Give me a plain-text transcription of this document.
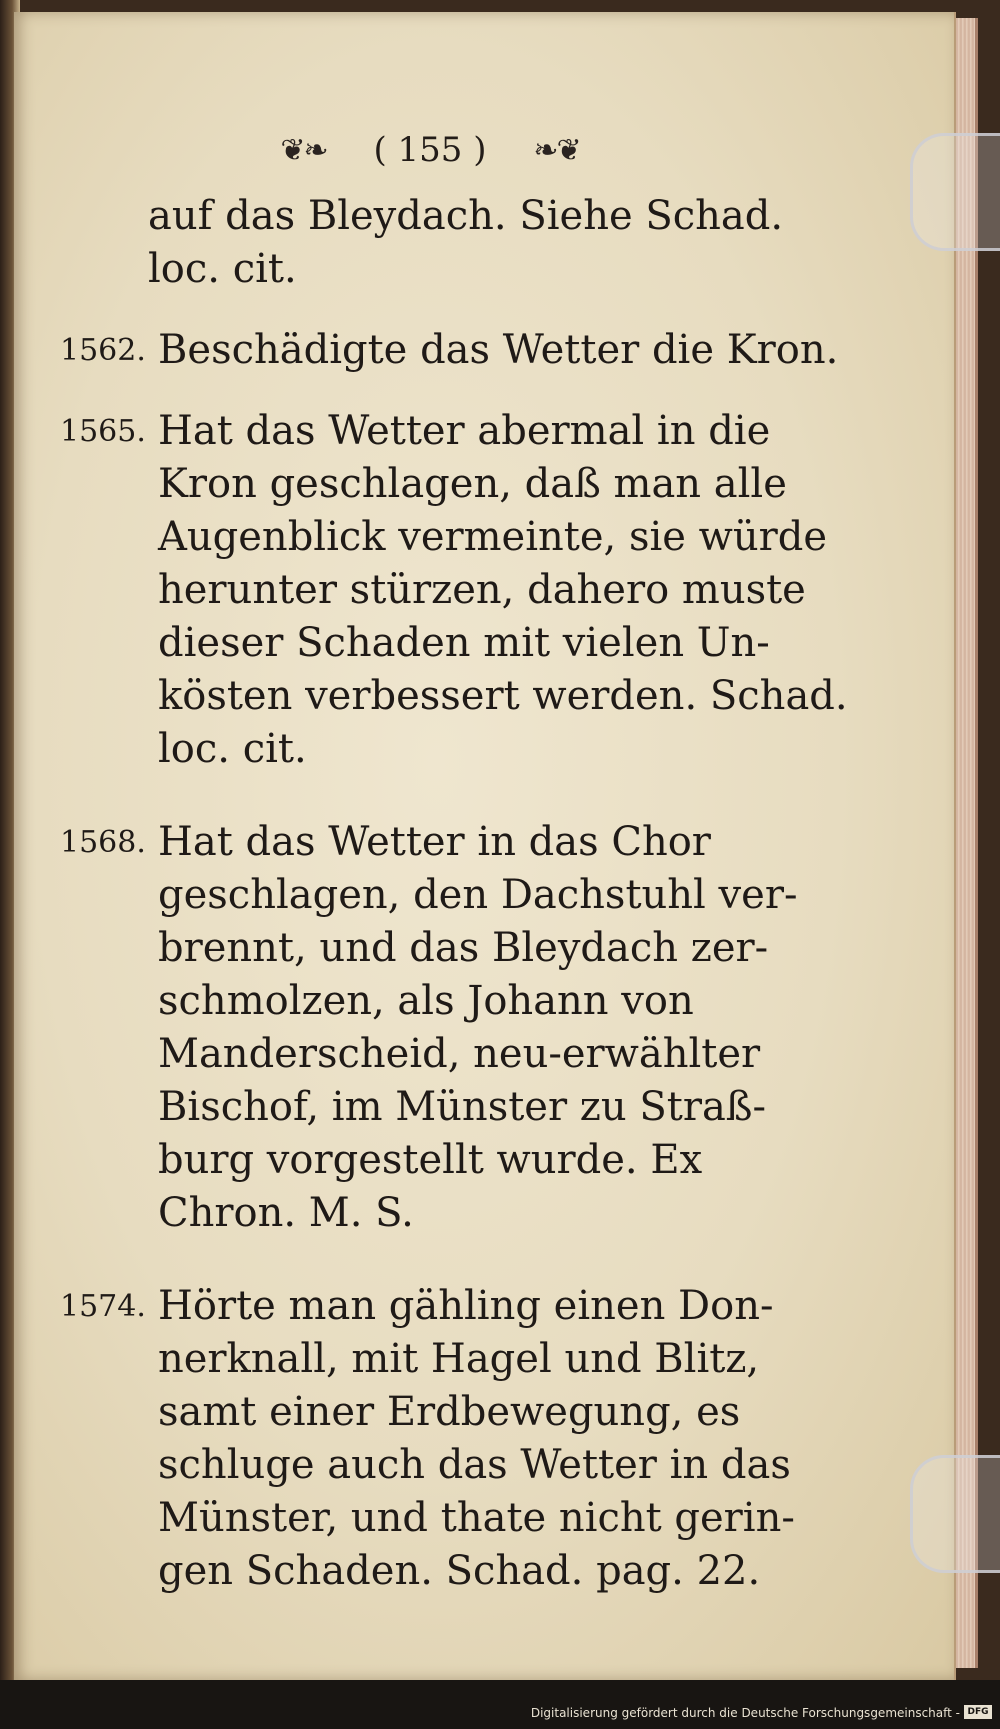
❦❧	( 155 )	❧❦
auf das Bleydach. Siehe Schad.
loc. cit.
1562. Beschädigte das Wetter die Kron.
1565. Hat das Wetter abermal in die
Kron geschlagen, daß man alle
Augenblick vermeinte, sie würde
herunter stürzen, dahero muste
dieser Schaden mit vielen Un-
kösten verbessert werden. Schad.
loc. cit.
1568. Hat das Wetter in das Chor
geschlagen, den Dachstuhl ver-
brennt, und das Bleydach zer-
schmolzen, als Johann von
Manderscheid, neu-erwählter
Bischof, im Münster zu Straß-
burg vorgestellt wurde. Ex
Chron. M. S.
1574. Hörte man gähling einen Don-
nerknall, mit Hagel und Blitz,
samt einer Erdbewegung, es
schluge auch das Wetter in das
Münster, und thate nicht gerin-
gen Schaden. Schad. pag. 22.
Digitalisierung gefördert durch die Deutsche Forschungsgemeinschaft - DFG
